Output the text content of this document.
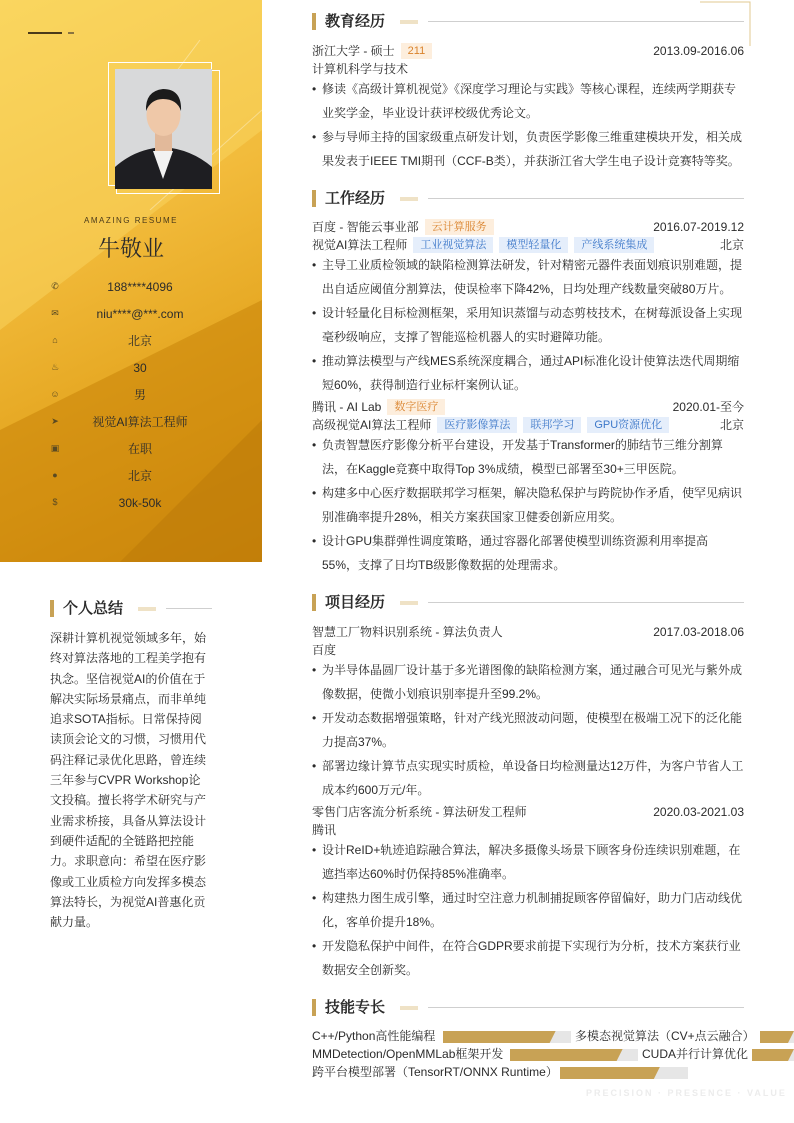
AMAZING RESUME
牛敬业
✆	188****4096
✉	niu****@***.com
⌂	北京
♨	30
☺	男
➤	视觉AI算法工程师
▣	在职
●	北京
$	30k-50k
个人总结
深耕计算机视觉领域多年，始终对算法落地的工程美学抱有执念。坚信视觉AI的价值在于解决实际场景痛点，而非单纯追求SOTA指标。日常保持阅读顶会论文的习惯，习惯用代码注释记录优化思路，曾连续三年参与CVPR Workshop论文投稿。擅长将学术研究与产业需求桥接，具备从算法设计到硬件适配的全链路把控能力。求职意向：希望在医疗影像或工业质检方向发挥多模态算法特长，为视觉AI普惠化贡献力量。
教育经历
浙江大学 - 硕士 211	2013.09-2016.06
计算机科学与技术
• 修读《高级计算机视觉》《深度学习理论与实践》等核心课程，连续两学期获专业奖学金，毕业设计获评校级优秀论文。
• 参与导师主持的国家级重点研发计划，负责医学影像三维重建模块开发，相关成果发表于IEEE TMI期刊（CCF-B类），并获浙江省大学生电子设计竞赛特等奖。
工作经历
百度 - 智能云事业部 云计算服务	2016.07-2019.12
视觉AI算法工程师 工业视觉算法 模型轻量化 产线系统集成	北京
• 主导工业质检领域的缺陷检测算法研发，针对精密元器件表面划痕识别难题，提出自适应阈值分割算法，使误检率下降42%，日均处理产线数量突破80万片。
• 设计轻量化目标检测框架，采用知识蒸馏与动态剪枝技术，在树莓派设备上实现毫秒级响应，支撑了智能巡检机器人的实时避障功能。
• 推动算法模型与产线MES系统深度耦合，通过API标准化设计使算法迭代周期缩短60%，获得制造行业标杆案例认证。
腾讯 - AI Lab 数字医疗	2020.01-至今
高级视觉AI算法工程师 医疗影像算法 联邦学习 GPU资源优化	北京
• 负责智慧医疗影像分析平台建设，开发基于Transformer的肺结节三维分割算法，在Kaggle竞赛中取得Top 3%成绩，模型已部署至30+三甲医院。
• 构建多中心医疗数据联邦学习框架，解决隐私保护与跨院协作矛盾，使罕见病识别准确率提升28%，相关方案获国家卫健委创新应用奖。
• 设计GPU集群弹性调度策略，通过容器化部署使模型训练资源利用率提高55%，支撑了日均TB级影像数据的处理需求。
项目经历
智慧工厂物料识别系统 - 算法负责人	2017.03-2018.06
百度
• 为半导体晶圆厂设计基于多光谱图像的缺陷检测方案，通过融合可见光与紫外成像数据，使微小划痕识别率提升至99.2%。
• 开发动态数据增强策略，针对产线光照波动问题，使模型在极端工况下的泛化能力提高37%。
• 部署边缘计算节点实现实时质检，单设备日均检测量达12万件，为客户节省人工成本约600万元/年。
零售门店客流分析系统 - 算法研发工程师	2020.03-2021.03
腾讯
• 设计ReID+轨迹追踪融合算法，解决多摄像头场景下顾客身份连续识别难题，在遮挡率达60%时仍保持85%准确率。
• 构建热力图生成引擎，通过时空注意力机制捕捉顾客停留偏好，助力门店动线优化，客单价提升18%。
• 开发隐私保护中间件，在符合GDPR要求前提下实现行为分析，技术方案获行业数据安全创新奖。
技能专长
C++/Python高性能编程	多模态视觉算法（CV+点云融合）
MMDetection/OpenMMLab框架开发	CUDA并行计算优化
跨平台模型部署（TensorRT/ONNX Runtime）
PRECISION · PRESENCE · VALUE
